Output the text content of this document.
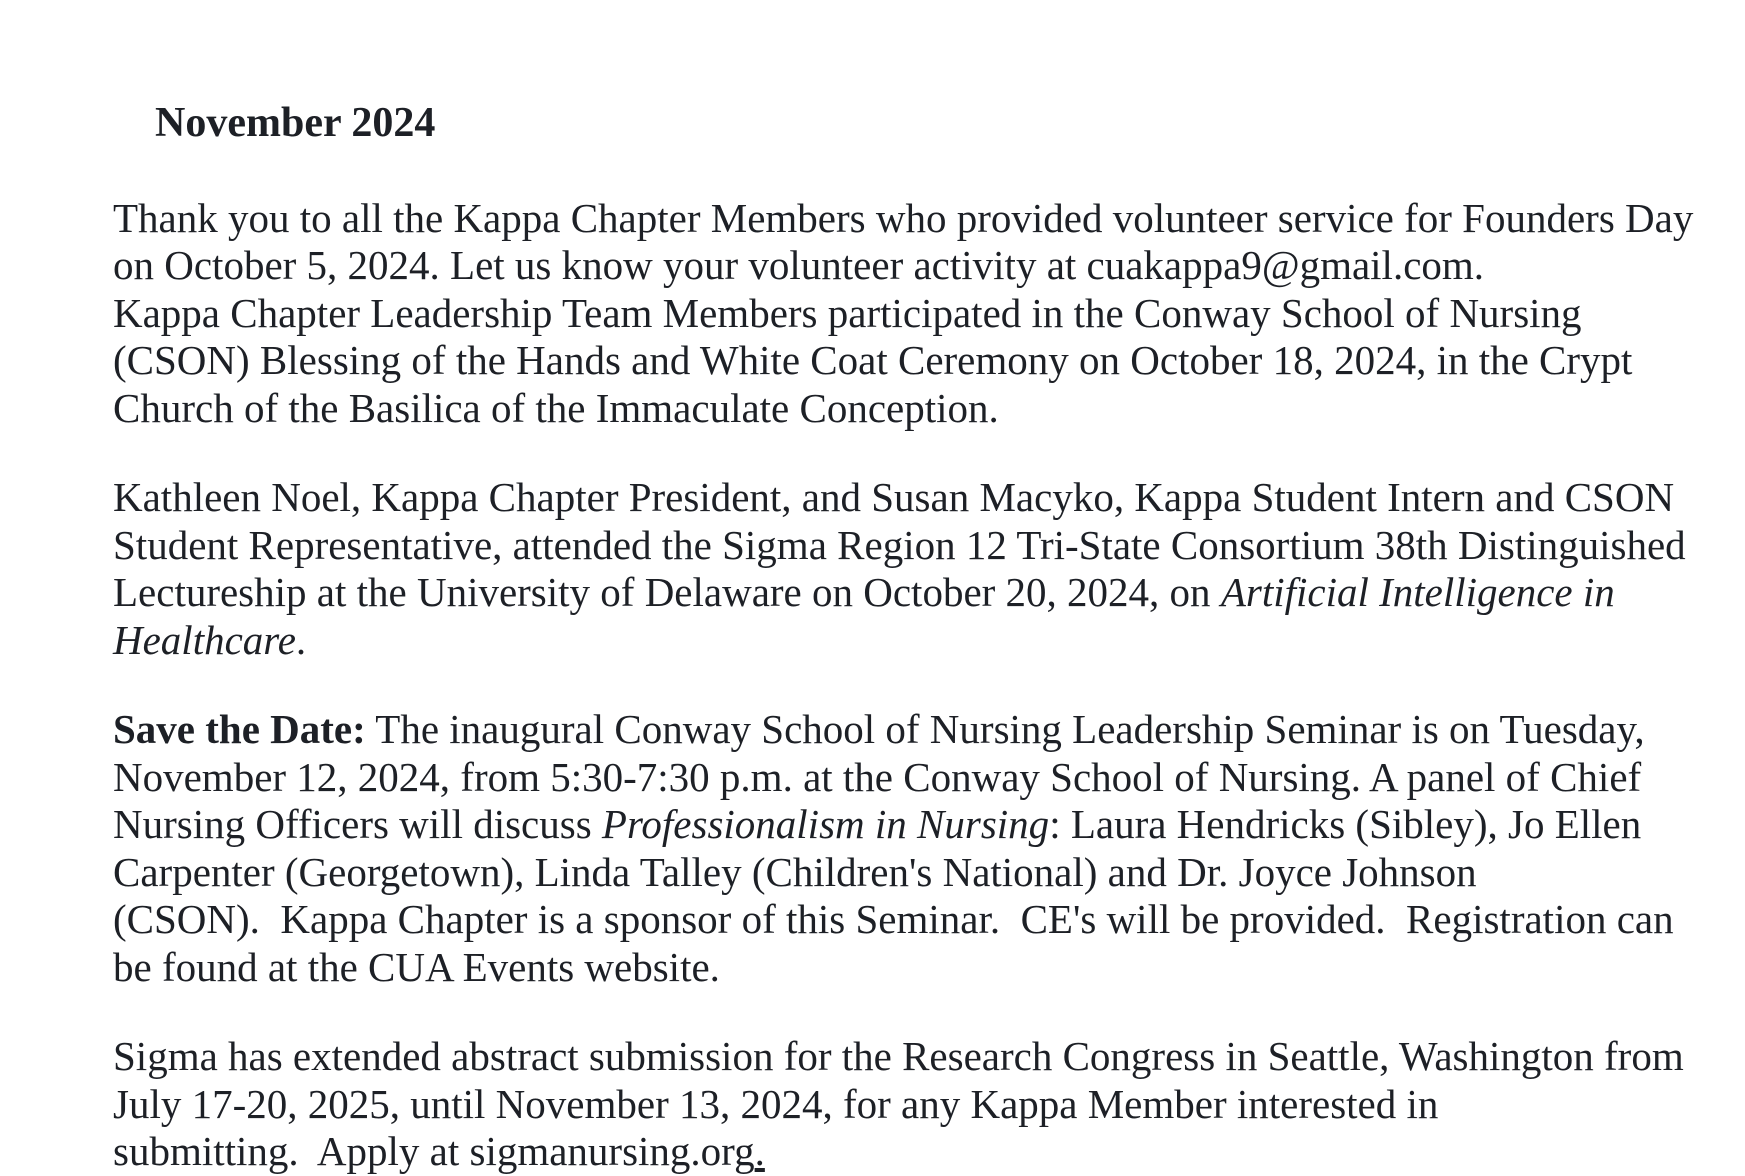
November 2024

Thank you to all the Kappa Chapter Members who provided volunteer service for Founders Day
on October 5, 2024. Let us know your volunteer activity at cuakappa9@gmail.com.
Kappa Chapter Leadership Team Members participated in the Conway School of Nursing
(CSON) Blessing of the Hands and White Coat Ceremony on October 18, 2024, in the Crypt
Church of the Basilica of the Immaculate Conception.
Kathleen Noel, Kappa Chapter President, and Susan Macyko, Kappa Student Intern and CSON
Student Representative, attended the Sigma Region 12 Tri-State Consortium 38th Distinguished
Lectureship at the University of Delaware on October 20, 2024, on Artificial Intelligence in
Healthcare.
Save the Date: The inaugural Conway School of Nursing Leadership Seminar is on Tuesday,
November 12, 2024, from 5:30-7:30 p.m. at the Conway School of Nursing. A panel of Chief
Nursing Officers will discuss Professionalism in Nursing: Laura Hendricks (Sibley), Jo Ellen
Carpenter (Georgetown), Linda Talley (Children's National) and Dr. Joyce Johnson
(CSON).  Kappa Chapter is a sponsor of this Seminar.  CE's will be provided.  Registration can
be found at the CUA Events website.
Sigma has extended abstract submission for the Research Congress in Seattle, Washington from
July 17-20, 2025, until November 13, 2024, for any Kappa Member interested in
submitting.  Apply at sigmanursing.org.
